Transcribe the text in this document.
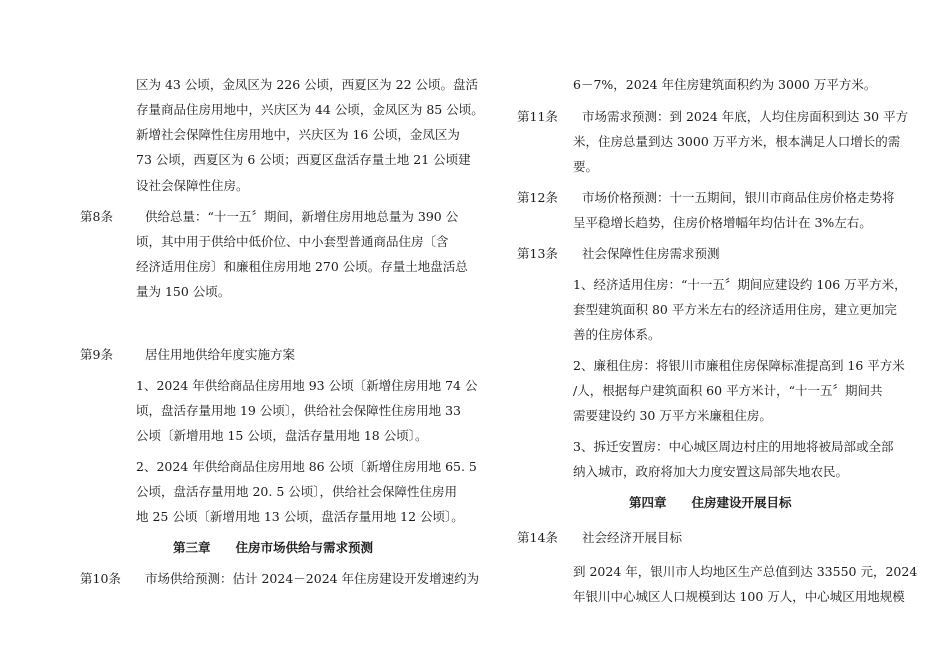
区为 43 公顷，金凤区为 226 公顷，西夏区为 22 公顷。盘活
存量商品住房用地中，兴庆区为 44 公顷，金凤区为 85 公顷。
新增社会保障性住房用地中，兴庆区为 16 公顷，金凤区为
73 公顷，西夏区为 6 公顷；西夏区盘活存量土地 21 公顷建
设社会保障性住房。
第8条	供给总量：“十一五〞期间，新增住房用地总量为 390 公
顷，其中用于供给中低价位、中小套型普通商品住房〔含
经济适用住房〕和廉租住房用地 270 公顷。存量土地盘活总
量为 150 公顷。
第9条	居住用地供给年度实施方案
1、2024 年供给商品住房用地 93 公顷〔新增住房用地 74 公
顷，盘活存量用地 19 公顷〕，供给社会保障性住房用地 33
公顷〔新增用地 15 公顷，盘活存量用地 18 公顷〕。
2、2024 年供给商品住房用地 86 公顷〔新增住房用地 65. 5
公顷，盘活存量用地 20. 5 公顷〕，供给社会保障性住房用
地 25 公顷〔新增用地 13 公顷，盘活存量用地 12 公顷〕。
第三章　　住房市场供给与需求预测
第10条 市场供给预测：估计 2024－2024 年住房建设开发增速约为
6－7%，2024 年住房建筑面积约为 3000 万平方米。
第11条 市场需求预测：到 2024 年底，人均住房面积到达 30 平方
米，住房总量到达 3000 万平方米，根本满足人口增长的需
要。
第12条 市场价格预测：十一五期间，银川市商品住房价格走势将
呈平稳增长趋势，住房价格增幅年均估计在 3%左右。
第13条 社会保障性住房需求预测
1、经济适用住房：“十一五〞期间应建设约 106 万平方米，
套型建筑面积 80 平方米左右的经济适用住房，建立更加完
善的住房体系。
2、廉租住房：将银川市廉租住房保障标准提高到 16 平方米
/人，根据每户建筑面积 60 平方米计，“十一五〞期间共
需要建设约 30 万平方米廉租住房。
3、拆迁安置房：中心城区周边村庄的用地将被局部或全部
纳入城市，政府将加大力度安置这局部失地农民。
第四章　　住房建设开展目标
第14条 社会经济开展目标
到 2024 年，银川市人均地区生产总值到达 33550 元，2024
年银川中心城区人口规模到达 100 万人，中心城区用地规模
